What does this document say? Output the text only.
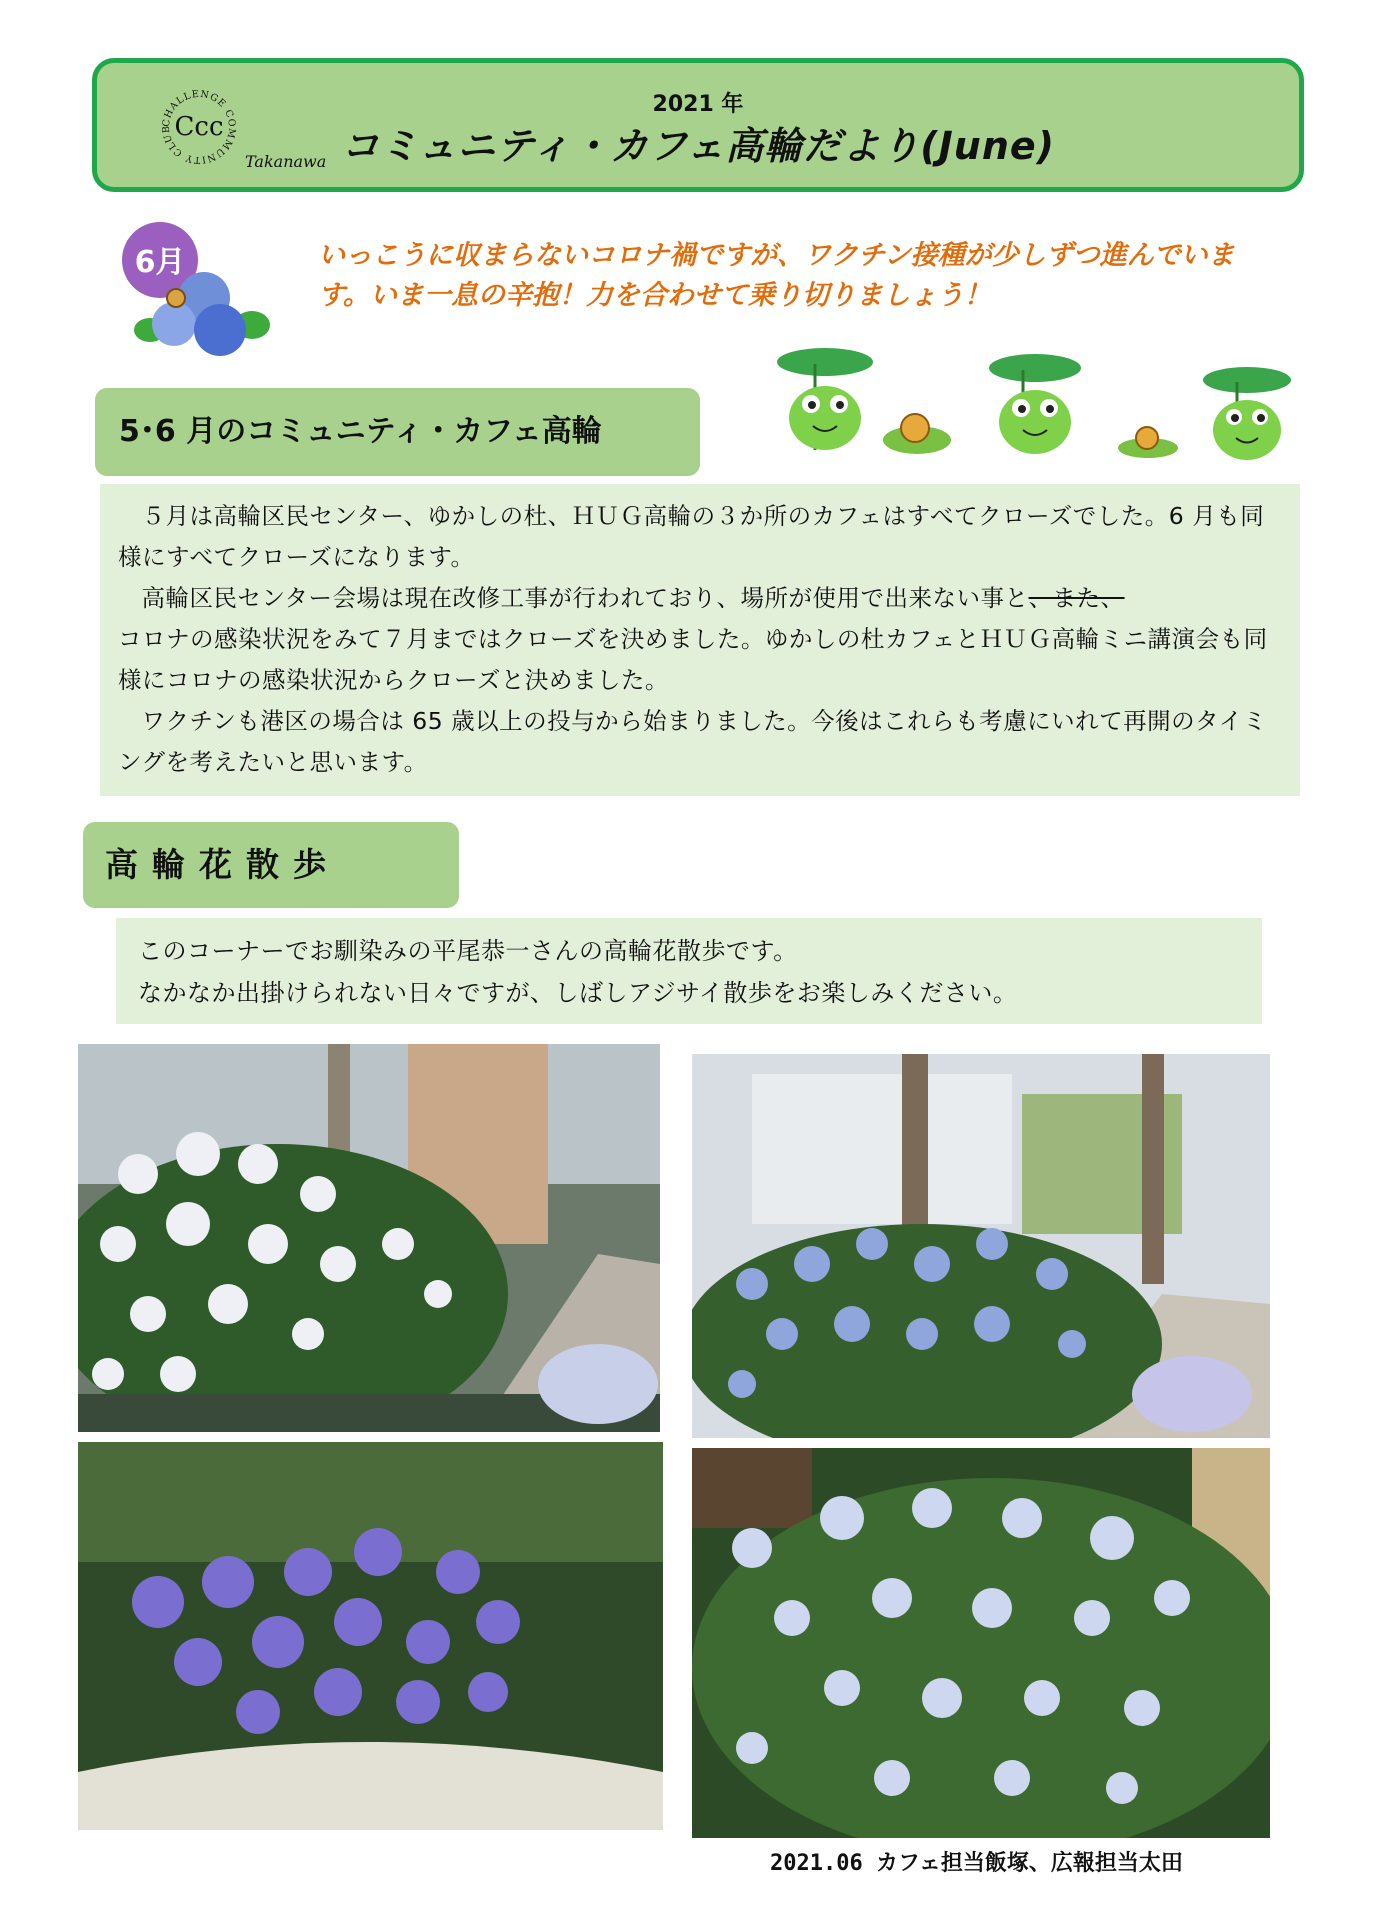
CHALLENGE COMMUNITY CLUB Ccc
Takanawa
2021 年
コミュニティ・カフェ高輪だより(June)
6月	いっこうに収まらないコロナ禍ですが、ワクチン接種が少しずつ進んでいます。いま一息の辛抱！力を合わせて乗り切りましょう！
5･6 月のコミュニティ・カフェ高輪

５月は高輪区民センター、ゆかしの杜、ＨＵＧ高輪の３か所のカフェはすべてクローズでした。6 月も同様にすべてクローズになります。

高輪区民センター会場は現在改修工事が行われており、場所が使用で出来ない事と、また、

コロナの感染状況をみて７月まではクローズを決めました。ゆかしの杜カフェとＨＵＧ高輪ミニ講演会も同様にコロナの感染状況からクローズと決めました。

ワクチンも港区の場合は 65 歳以上の投与から始まりました。今後はこれらも考慮にいれて再開のタイミングを考えたいと思います。

高輪花散歩
このコーナーでお馴染みの平尾恭一さんの高輪花散歩です。
なかなか出掛けられない日々ですが、しばしアジサイ散歩をお楽しみください。
2021.06 カフェ担当飯塚、広報担当太田
